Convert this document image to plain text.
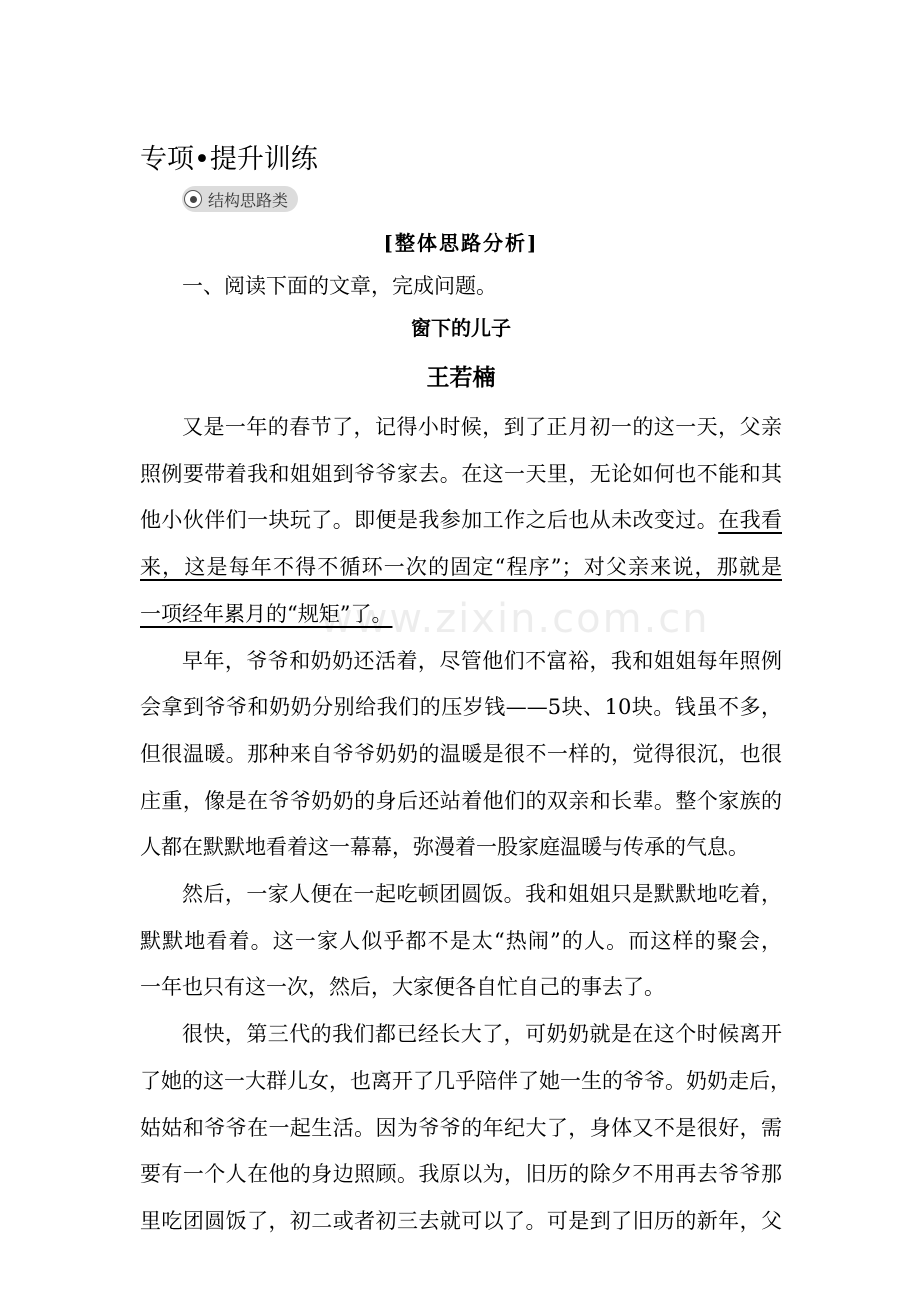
专项•提升训练
结构思路类
[整体思路分析]
一、阅读下面的文章，完成问题。
窗下的儿子
王若楠
又是一年的春节了，记得小时候，到了正月初一的这一天，父亲
照例要带着我和姐姐到爷爷家去。在这一天里，无论如何也不能和其
他小伙伴们一块玩了。即便是我参加工作之后也从未改变过。在我看
来，这是每年不得不循环一次的固定“程序”；对父亲来说，那就是
一项经年累月的“规矩”了。
早年，爷爷和奶奶还活着，尽管他们不富裕，我和姐姐每年照例
会拿到爷爷和奶奶分别给我们的压岁钱——5块、10块。钱虽不多，
但很温暖。那种来自爷爷奶奶的温暖是很不一样的，觉得很沉，也很
庄重，像是在爷爷奶奶的身后还站着他们的双亲和长辈。整个家族的
人都在默默地看着这一幕幕，弥漫着一股家庭温暖与传承的气息。
然后，一家人便在一起吃顿团圆饭。我和姐姐只是默默地吃着，
默默地看着。这一家人似乎都不是太“热闹”的人。而这样的聚会，
一年也只有这一次，然后，大家便各自忙自己的事去了。
很快，第三代的我们都已经长大了，可奶奶就是在这个时候离开
了她的这一大群儿女，也离开了几乎陪伴了她一生的爷爷。奶奶走后，
姑姑和爷爷在一起生活。因为爷爷的年纪大了，身体又不是很好，需
要有一个人在他的身边照顾。我原以为，旧历的除夕不用再去爷爷那
里吃团圆饭了，初二或者初三去就可以了。可是到了旧历的新年，父
www.zixin.com.cn
